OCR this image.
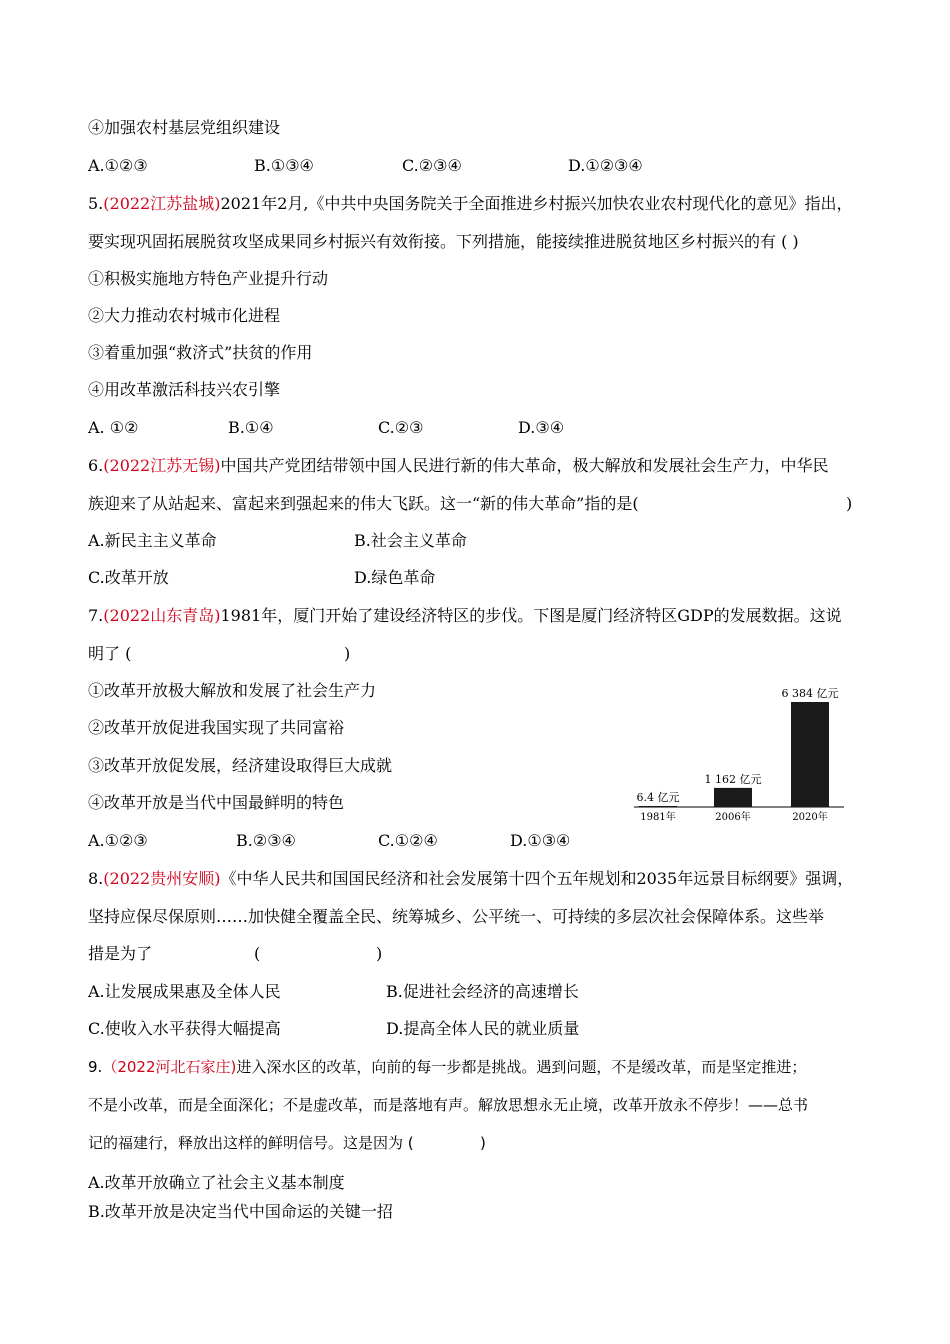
④加强农村基层党组织建设
A.①②③	B.①③④	C.②③④	D.①②③④
5.(2022江苏盐城)2021年2月,《中共中央国务院关于全面推进乡村振兴加快农业农村现代化的意见》指出，
要实现巩固拓展脱贫攻坚成果同乡村振兴有效衔接。下列措施，能接续推进脱贫地区乡村振兴的有 ( )
①积极实施地方特色产业提升行动
②大力推动农村城市化进程
③着重加强“救济式”扶贫的作用
④用改革激活科技兴农引擎
A. ①②	B.①④	C.②③	D.③④
6.(2022江苏无锡)中国共产党团结带领中国人民进行新的伟大革命，极大解放和发展社会生产力，中华民
族迎来了从站起来、富起来到强起来的伟大飞跃。这一“新的伟大革命”指的是(	)
A.新民主主义革命	B.社会主义革命
C.改革开放	D.绿色革命
7.(2022山东青岛)1981年，厦门开始了建设经济特区的步伐。下图是厦门经济特区GDP的发展数据。这说
明了 (	)
①改革开放极大解放和发展了社会生产力
②改革开放促进我国实现了共同富裕
③改革开放促发展，经济建设取得巨大成就
④改革开放是当代中国最鲜明的特色	6.4 亿元
1981年
1 162 亿元
2006年
6 384 亿元
2020年
A.①②③	B.②③④	C.①②④	D.①③④
8.(2022贵州安顺)《中华人民共和国国民经济和社会发展第十四个五年规划和2035年远景目标纲要》强调，
坚持应保尽保原则……加快健全覆盖全民、统筹城乡、公平统一、可持续的多层次社会保障体系。这些举
措是为了	(	)
A.让发展成果惠及全体人民	B.促进社会经济的高速增长
C.使收入水平获得大幅提高	D.提高全体人民的就业质量
9.（2022河北石家庄)进入深水区的改革，向前的每一步都是挑战。遇到问题，不是缓改革，而是坚定推进；
不是小改革，而是全面深化；不是虚改革，而是落地有声。解放思想永无止境，改革开放永不停步！——总书
记的福建行，释放出这样的鲜明信号。这是因为 (	)
A.改革开放确立了社会主义基本制度
B.改革开放是决定当代中国命运的关键一招
